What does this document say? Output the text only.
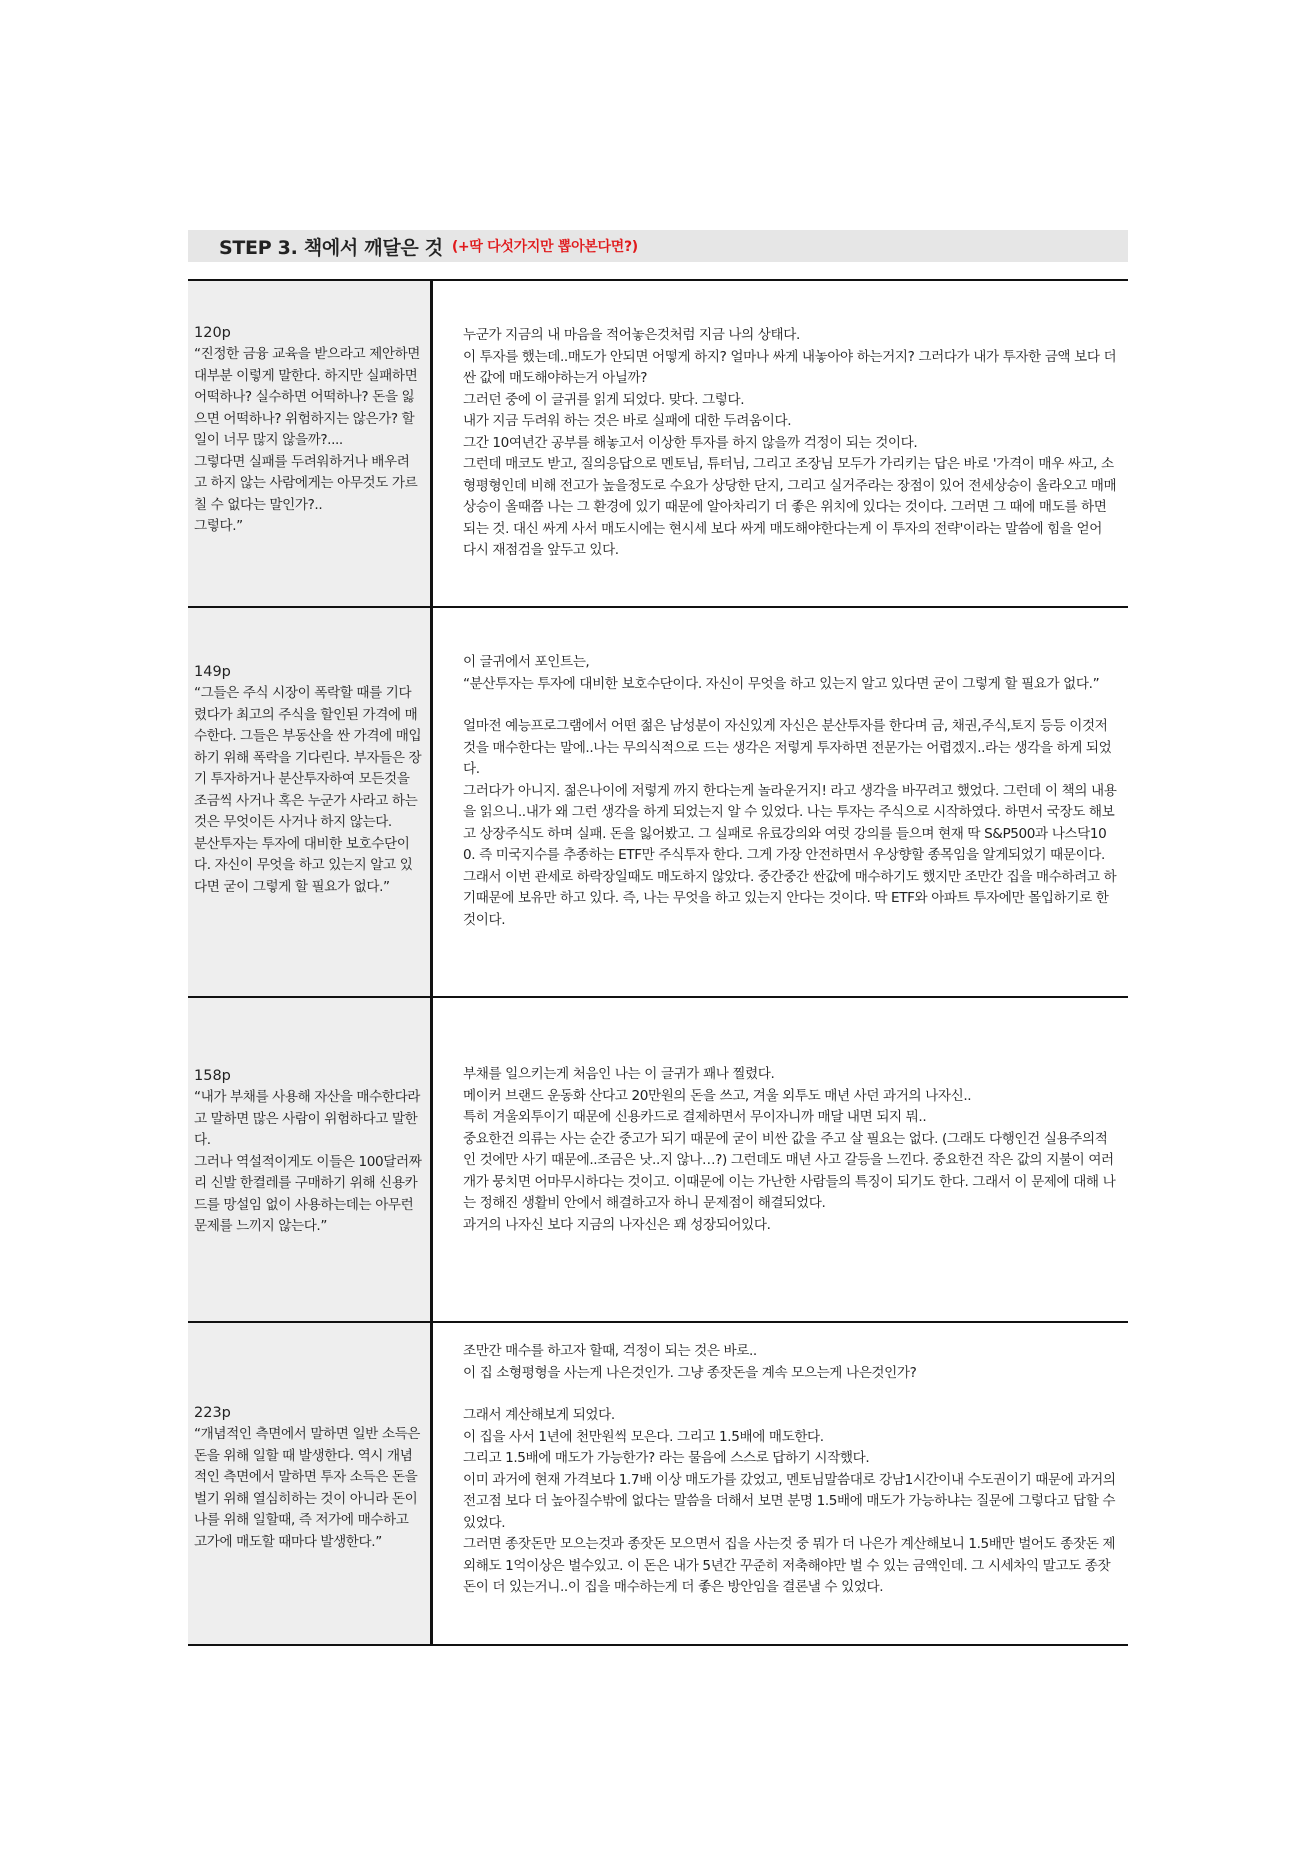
STEP 3. 책에서 깨달은 것 (+딱 다섯가지만 뽑아본다면?)
120p
“진정한 금융 교육을 받으라고 제안하면 대부분 이렇게 말한다. 하지만 실패하면 어떡하나? 실수하면 어떡하나? 돈을 잃으면 어떡하나? 위험하지는 않은가? 할 일이 너무 많지 않을까?....
그렇다면 실패를 두려워하거나 배우려고 하지 않는 사람에게는 아무것도 가르칠 수 없다는 말인가?..
그렇다.”

누군가 지금의 내 마음을 적어놓은것처럼 지금 나의 상태다.

이 투자를 했는데..매도가 안되면 어떻게 하지? 얼마나 싸게 내놓아야 하는거지? 그러다가 내가 투자한 금액 보다 더 싼 값에 매도해야하는거 아닐까?

그러던 중에 이 글귀를 읽게 되었다. 맞다. 그렇다.

내가 지금 두려워 하는 것은 바로 실패에 대한 두려움이다.

그간 10여년간 공부를 해놓고서 이상한 투자를 하지 않을까 걱정이 되는 것이다.

그런데 매코도 받고, 질의응답으로 멘토님, 튜터님, 그리고 조장님 모두가 가리키는 답은 바로 '가격이 매우 싸고, 소형평형인데 비해 전고가 높을정도로 수요가 상당한 단지, 그리고 실거주라는 장점이 있어 전세상승이 올라오고 매매상승이 올때쯤 나는 그 환경에 있기 때문에 알아차리기 더 좋은 위치에 있다는 것이다. 그러면 그 때에 매도를 하면 되는 것. 대신 싸게 사서 매도시에는 현시세 보다 싸게 매도해야한다는게 이 투자의 전략'이라는 말씀에 힘을 얻어 다시 재점검을 앞두고 있다.

149p
“그들은 주식 시장이 폭락할 때를 기다렸다가 최고의 주식을 할인된 가격에 매수한다. 그들은 부동산을 싼 가격에 매입하기 위해 폭락을 기다린다. 부자들은 장기 투자하거나 분산투자하여 모든것을 조금씩 사거나 혹은 누군가 사라고 하는 것은 무엇이든 사거나 하지 않는다.
분산투자는 투자에 대비한 보호수단이다. 자신이 무엇을 하고 있는지 알고 있다면 굳이 그렇게 할 필요가 없다.”

이 글귀에서 포인트는,

“분산투자는 투자에 대비한 보호수단이다. 자신이 무엇을 하고 있는지 알고 있다면 굳이 그렇게 할 필요가 없다.”

얼마전 예능프로그램에서 어떤 젊은 남성분이 자신있게 자신은 분산투자를 한다며 금, 채권,주식,토지 등등 이것저것을 매수한다는 말에..나는 무의식적으로 드는 생각은 저렇게 투자하면 전문가는 어렵겠지..라는 생각을 하게 되었다.

그러다가 아니지. 젊은나이에 저렇게 까지 한다는게 놀라운거지! 라고 생각을 바꾸려고 했었다. 그런데 이 책의 내용을 읽으니..내가 왜 그런 생각을 하게 되었는지 알 수 있었다. 나는 투자는 주식으로 시작하였다. 하면서 국장도 해보고 상장주식도 하며 실패. 돈을 잃어봤고. 그 실패로 유료강의와 여럿 강의를 들으며 현재 딱 S&P500과 나스닥100. 즉 미국지수를 추종하는 ETF만 주식투자 한다. 그게 가장 안전하면서 우상향할 종목임을 알게되었기 때문이다. 그래서 이번 관세로 하락장일때도 매도하지 않았다. 중간중간 싼값에 매수하기도 했지만 조만간 집을 매수하려고 하기때문에 보유만 하고 있다. 즉, 나는 무엇을 하고 있는지 안다는 것이다. 딱 ETF와 아파트 투자에만 몰입하기로 한것이다.

158p
“내가 부채를 사용해 자산을 매수한다라고 말하면 많은 사람이 위험하다고 말한다.
그러나 역설적이게도 이들은 100달러짜리 신발 한켤레를 구매하기 위해 신용카드를 망설임 없이 사용하는데는 아무런 문제를 느끼지 않는다.”

부채를 일으키는게 처음인 나는 이 글귀가 꽤나 찔렸다.

메이커 브랜드 운동화 산다고 20만원의 돈을 쓰고, 겨울 외투도 매년 사던 과거의 나자신..

특히 겨울외투이기 때문에 신용카드로 결제하면서 무이자니까 매달 내면 되지 뭐..

중요한건 의류는 사는 순간 중고가 되기 때문에 굳이 비싼 값을 주고 살 필요는 없다. (그래도 다행인건 실용주의적인 것에만 사기 때문에..조금은 낫..지 않나…?) 그런데도 매년 사고 갈등을 느낀다. 중요한건 작은 값의 지불이 여러개가 뭉치면 어마무시하다는 것이고. 이때문에 이는 가난한 사람들의 특징이 되기도 한다. 그래서 이 문제에 대해 나는 정해진 생활비 안에서 해결하고자 하니 문제점이 해결되었다.

과거의 나자신 보다 지금의 나자신은 꽤 성장되어있다.

223p
“개념적인 측면에서 말하면 일반 소득은 돈을 위해 일할 때 발생한다. 역시 개념적인 측면에서 말하면 투자 소득은 돈을 벌기 위해 열심히하는 것이 아니라 돈이 나를 위해 일할때, 즉 저가에 매수하고 고가에 매도할 때마다 발생한다.”

조만간 매수를 하고자 할때, 걱정이 되는 것은 바로..

이 집 소형평형을 사는게 나은것인가. 그냥 종잣돈을 계속 모으는게 나은것인가?

그래서 계산해보게 되었다.

이 집을 사서 1년에 천만원씩 모은다. 그리고 1.5배에 매도한다.

그리고 1.5배에 매도가 가능한가? 라는 물음에 스스로 답하기 시작했다.

이미 과거에 현재 가격보다 1.7배 이상 매도가를 갔었고, 멘토님말씀대로 강남1시간이내 수도권이기 때문에 과거의 전고점 보다 더 높아질수밖에 없다는 말씀을 더해서 보면 분명 1.5배에 매도가 가능하냐는 질문에 그렇다고 답할 수 있었다.

그러면 종잣돈만 모으는것과 종잣돈 모으면서 집을 사는것 중 뭐가 더 나은가 계산해보니 1.5배만 벌어도 종잣돈 제외해도 1억이상은 벌수있고. 이 돈은 내가 5년간 꾸준히 저축해야만 벌 수 있는 금액인데. 그 시세차익 말고도 종잣돈이 더 있는거니..이 집을 매수하는게 더 좋은 방안임을 결론낼 수 있었다.
